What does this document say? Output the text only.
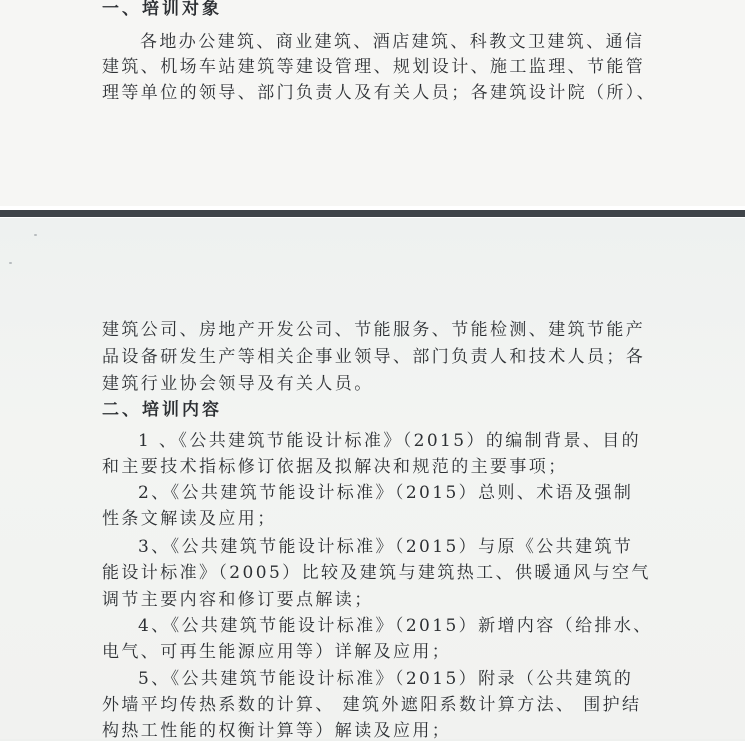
一、培训对象
各地办公建筑、商业建筑、酒店建筑、科教文卫建筑、通信
建筑、机场车站建筑等建设管理、规划设计、施工监理、节能管
理等单位的领导、部门负责人及有关人员；各建筑设计院（所）、
建筑公司、房地产开发公司、节能服务、节能检测、建筑节能产
品设备研发生产等相关企事业领导、部门负责人和技术人员；各
建筑行业协会领导及有关人员。
二、培训内容
1 、《公共建筑节能设计标准》（2015）的编制背景、目的
和主要技术指标修订依据及拟解决和规范的主要事项；
2、《公共建筑节能设计标准》（2015）总则、术语及强制
性条文解读及应用；
3、《公共建筑节能设计标准》（2015）与原《公共建筑节
能设计标准》（2005）比较及建筑与建筑热工、供暖通风与空气
调节主要内容和修订要点解读；
4、《公共建筑节能设计标准》（2015）新增内容（给排水、
电气、可再生能源应用等）详解及应用；
5、《公共建筑节能设计标准》（2015）附录（公共建筑的
外墙平均传热系数的计算、 建筑外遮阳系数计算方法、 围护结
构热工性能的权衡计算等）解读及应用；
